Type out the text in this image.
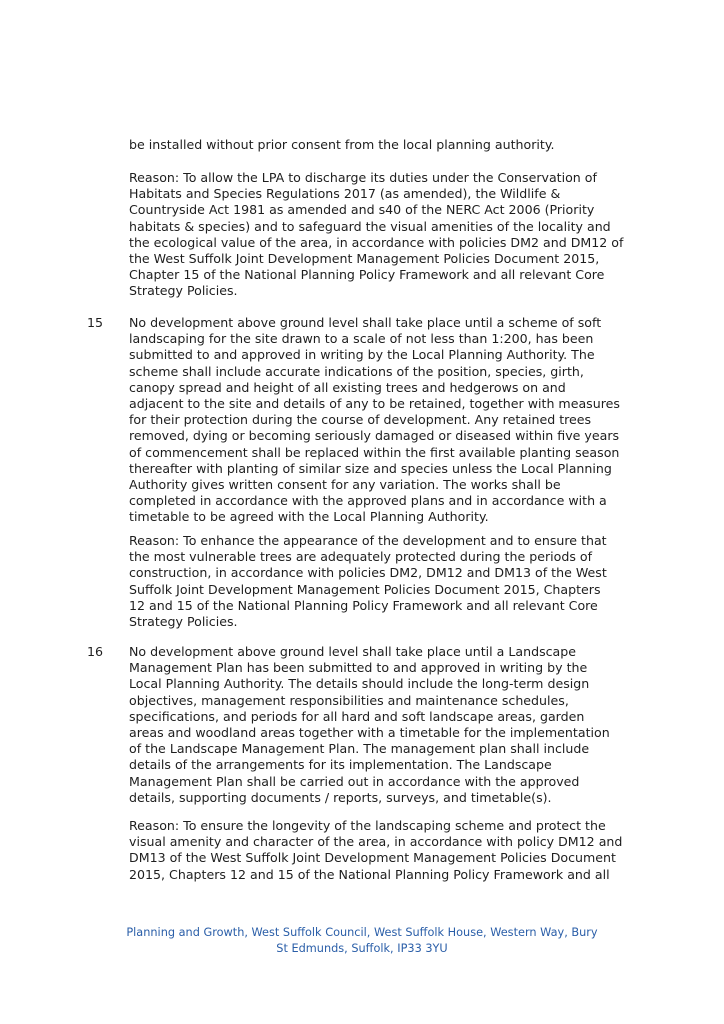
be installed without prior consent from the local planning authority.

Reason: To allow the LPA to discharge its duties under the Conservation of
Habitats and Species Regulations 2017 (as amended), the Wildlife &
Countryside Act 1981 as amended and s40 of the NERC Act 2006 (Priority
habitats & species) and to safeguard the visual amenities of the locality and
the ecological value of the area, in accordance with policies DM2 and DM12 of
the West Suffolk Joint Development Management Policies Document 2015,
Chapter 15 of the National Planning Policy Framework and all relevant Core
Strategy Policies.

15 No development above ground level shall take place until a scheme of soft
landscaping for the site drawn to a scale of not less than 1:200, has been
submitted to and approved in writing by the Local Planning Authority. The
scheme shall include accurate indications of the position, species, girth,
canopy spread and height of all existing trees and hedgerows on and
adjacent to the site and details of any to be retained, together with measures
for their protection during the course of development. Any retained trees
removed, dying or becoming seriously damaged or diseased within five years
of commencement shall be replaced within the first available planting season
thereafter with planting of similar size and species unless the Local Planning
Authority gives written consent for any variation. The works shall be
completed in accordance with the approved plans and in accordance with a
timetable to be agreed with the Local Planning Authority.

Reason: To enhance the appearance of the development and to ensure that
the most vulnerable trees are adequately protected during the periods of
construction, in accordance with policies DM2, DM12 and DM13 of the West
Suffolk Joint Development Management Policies Document 2015, Chapters
12 and 15 of the National Planning Policy Framework and all relevant Core
Strategy Policies.

16 No development above ground level shall take place until a Landscape
Management Plan has been submitted to and approved in writing by the
Local Planning Authority. The details should include the long-term design
objectives, management responsibilities and maintenance schedules,
specifications, and periods for all hard and soft landscape areas, garden
areas and woodland areas together with a timetable for the implementation
of the Landscape Management Plan. The management plan shall include
details of the arrangements for its implementation. The Landscape
Management Plan shall be carried out in accordance with the approved
details, supporting documents / reports, surveys, and timetable(s).

Reason: To ensure the longevity of the landscaping scheme and protect the
visual amenity and character of the area, in accordance with policy DM12 and
DM13 of the West Suffolk Joint Development Management Policies Document
2015, Chapters 12 and 15 of the National Planning Policy Framework and all

Planning and Growth, West Suffolk Council, West Suffolk House, Western Way, Bury
St Edmunds, Suffolk, IP33 3YU
